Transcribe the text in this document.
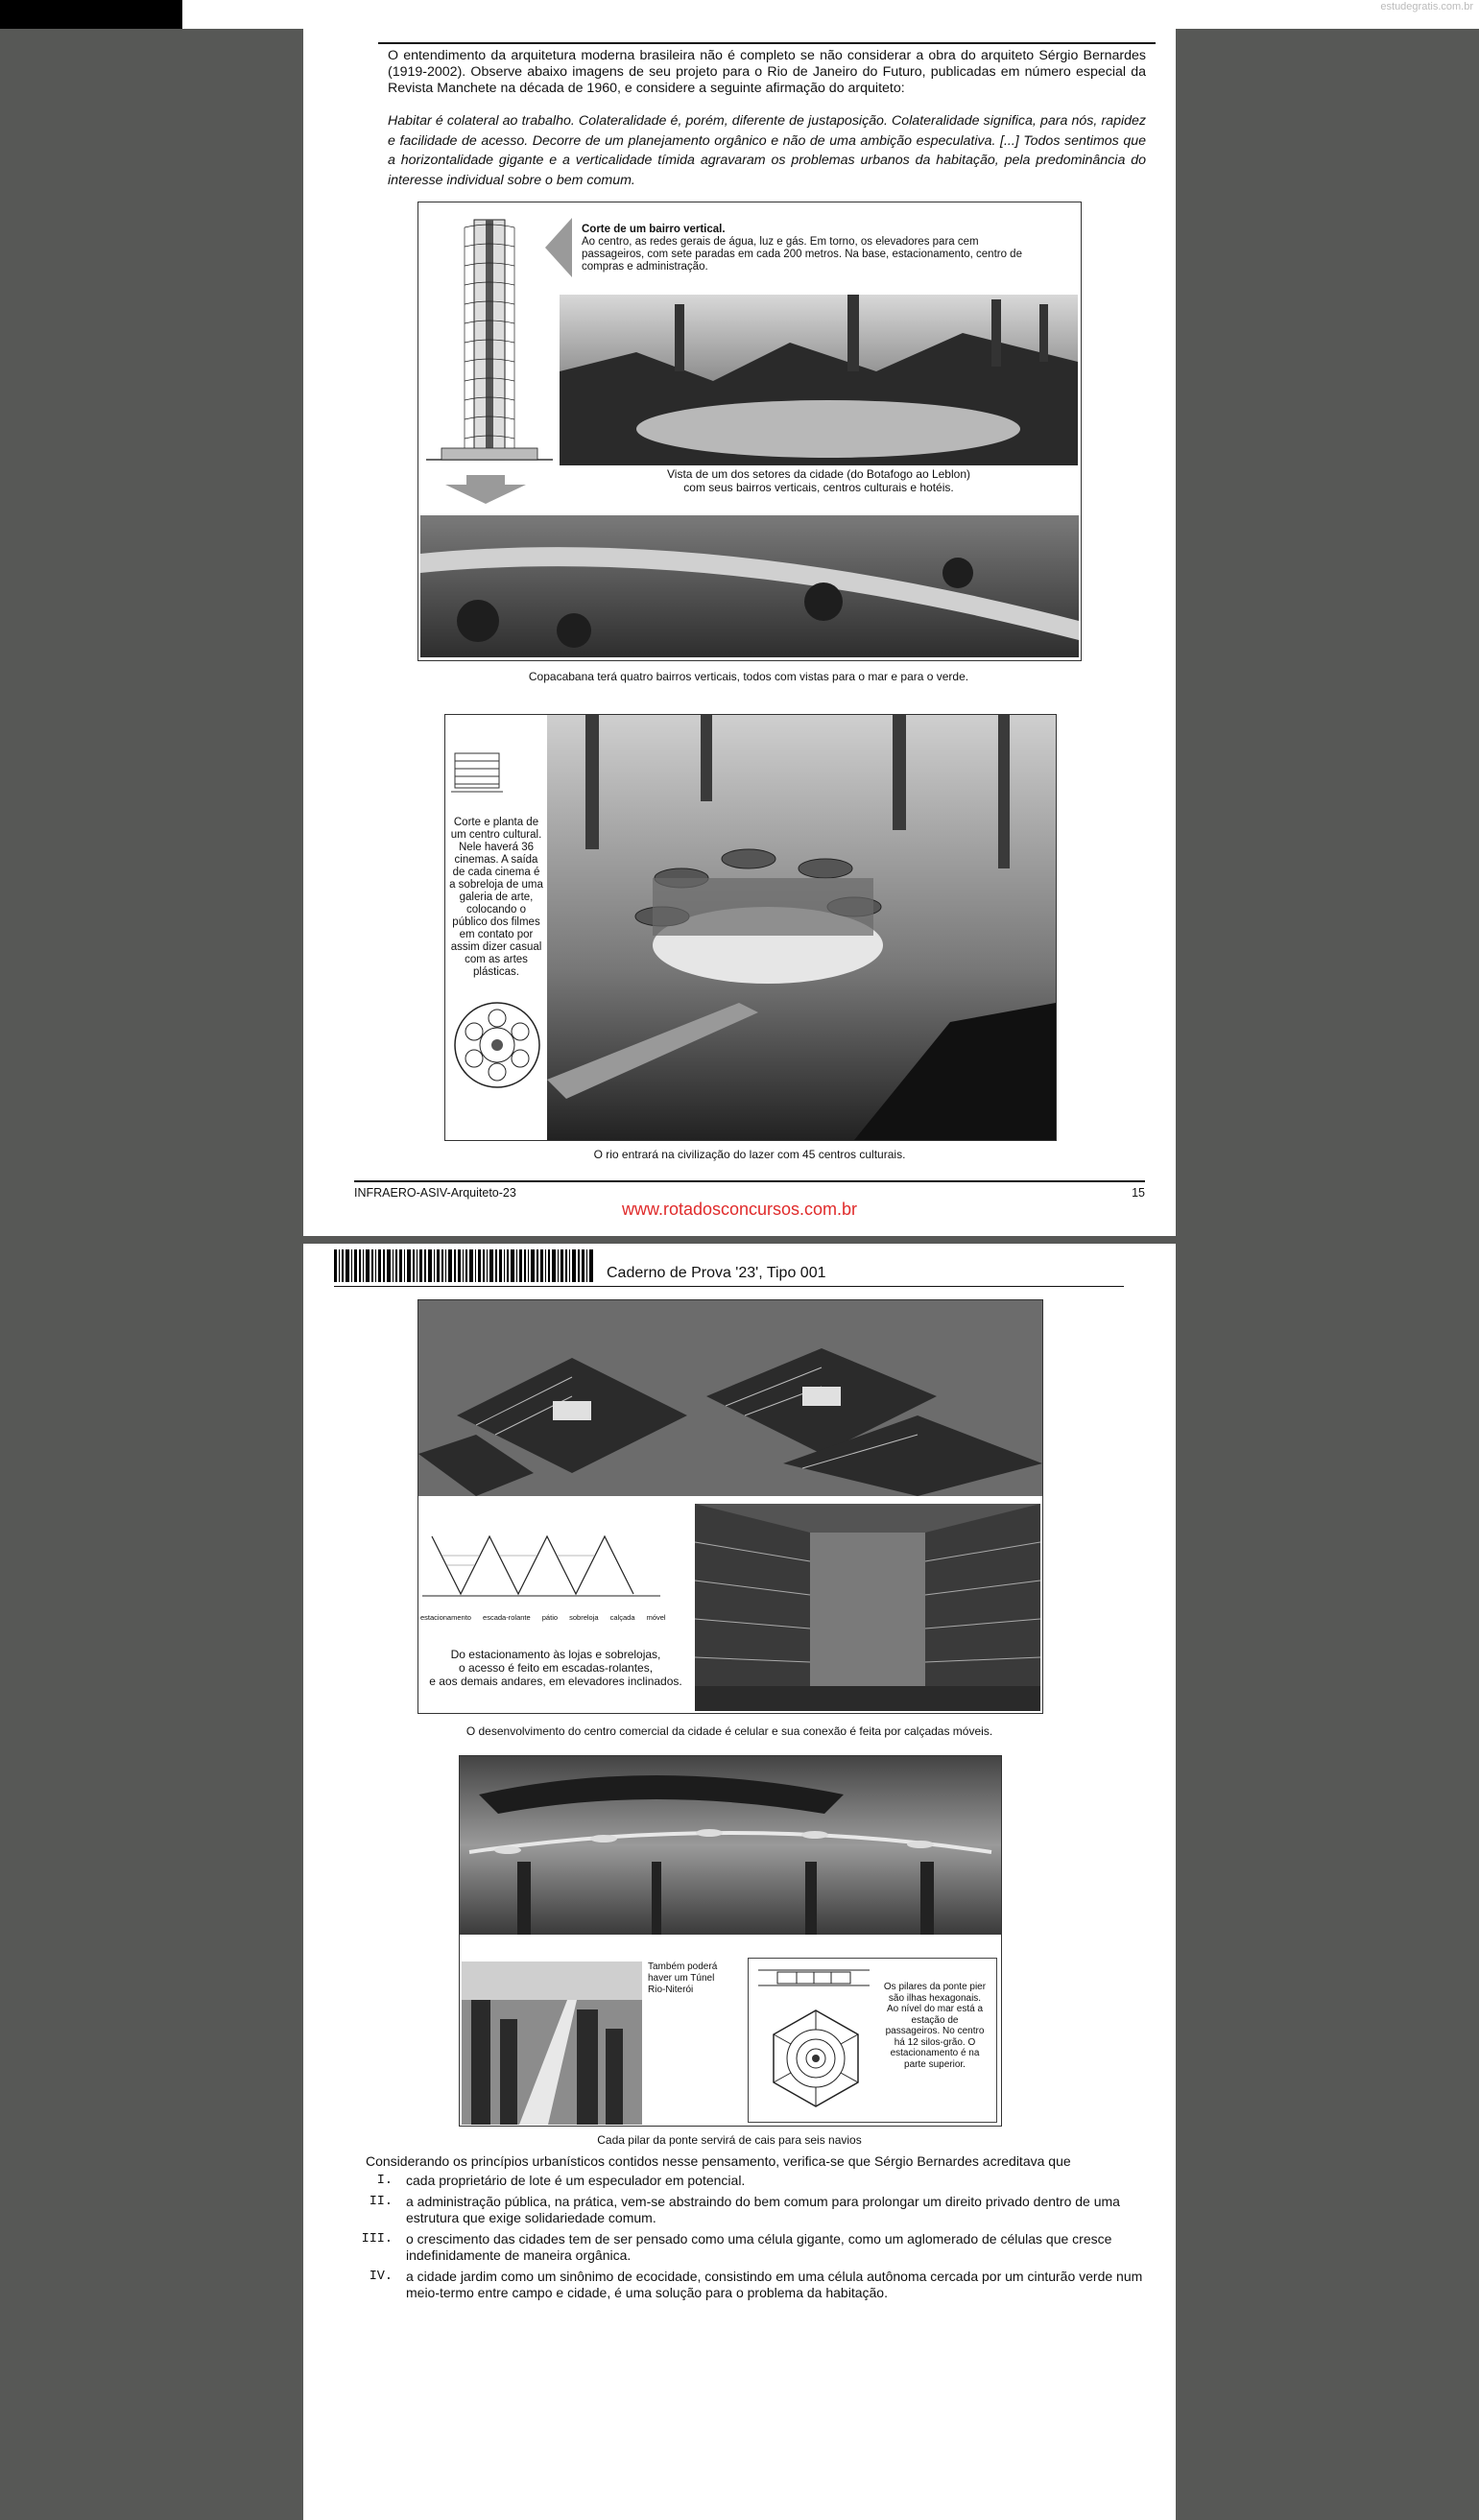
estudegratis.com.br
O entendimento da arquitetura moderna brasileira não é completo se não considerar a obra do arquiteto Sérgio Bernardes (1919-2002). Observe abaixo imagens de seu projeto para o Rio de Janeiro do Futuro, publicadas em número especial da Revista Manchete na década de 1960, e considere a seguinte afirmação do arquiteto:
Habitar é colateral ao trabalho. Colateralidade é, porém, diferente de justaposição. Colateralidade significa, para nós, rapidez e facilidade de acesso. Decorre de um planejamento orgânico e não de uma ambição especulativa. [...] Todos sentimos que a horizontalidade gigante e a verticalidade tímida agravaram os problemas urbanos da habitação, pela predominância do interesse individual sobre o bem comum.
Corte de um bairro vertical.
Ao centro, as redes gerais de água, luz e gás. Em torno, os elevadores para cem passageiros, com sete paradas em cada 200 metros. Na base, estacionamento, centro de compras e administração.
Vista de um dos setores da cidade (do Botafogo ao Leblon)
com seus bairros verticais, centros culturais e hotéis.
Copacabana terá quatro bairros verticais, todos com vistas para o mar e para o verde.
Corte e planta de um centro cultural. Nele haverá 36 cinemas. A saída de cada cinema é a sobreloja de uma galeria de arte, colocando o público dos filmes em contato por assim dizer casual com as artes plásticas.
O rio entrará na civilização do lazer com 45 centros culturais.
INFRAERO-ASIV-Arquiteto-23	15
www.rotadosconcursos.com.br
Caderno de Prova '23', Tipo 001
estacionamento escada-rolante pátio sobreloja calçada móvel
Do estacionamento às lojas e sobrelojas,
o acesso é feito em escadas-rolantes,
e aos demais andares, em elevadores inclinados.
O desenvolvimento do centro comercial da cidade é celular e sua conexão é feita por calçadas móveis.
Também poderá haver um Túnel Rio-Niterói	Os pilares da ponte pier são ilhas hexagonais. Ao nível do mar está a estação de passageiros. No centro há 12 silos-grão. O estacionamento é na parte superior.
Cada pilar da ponte servirá de cais para seis navios
Considerando os princípios urbanísticos contidos nesse pensamento, verifica-se que Sérgio Bernardes acreditava que
I. cada proprietário de lote é um especulador em potencial.
II. a administração pública, na prática, vem-se abstraindo do bem comum para prolongar um direito privado dentro de uma estrutura que exige solidariedade comum.
III. o crescimento das cidades tem de ser pensado como uma célula gigante, como um aglomerado de células que cresce indefinidamente de maneira orgânica.
IV. a cidade jardim como um sinônimo de ecocidade, consistindo em uma célula autônoma cercada por um cinturão verde num meio-termo entre campo e cidade, é uma solução para o problema da habitação.
